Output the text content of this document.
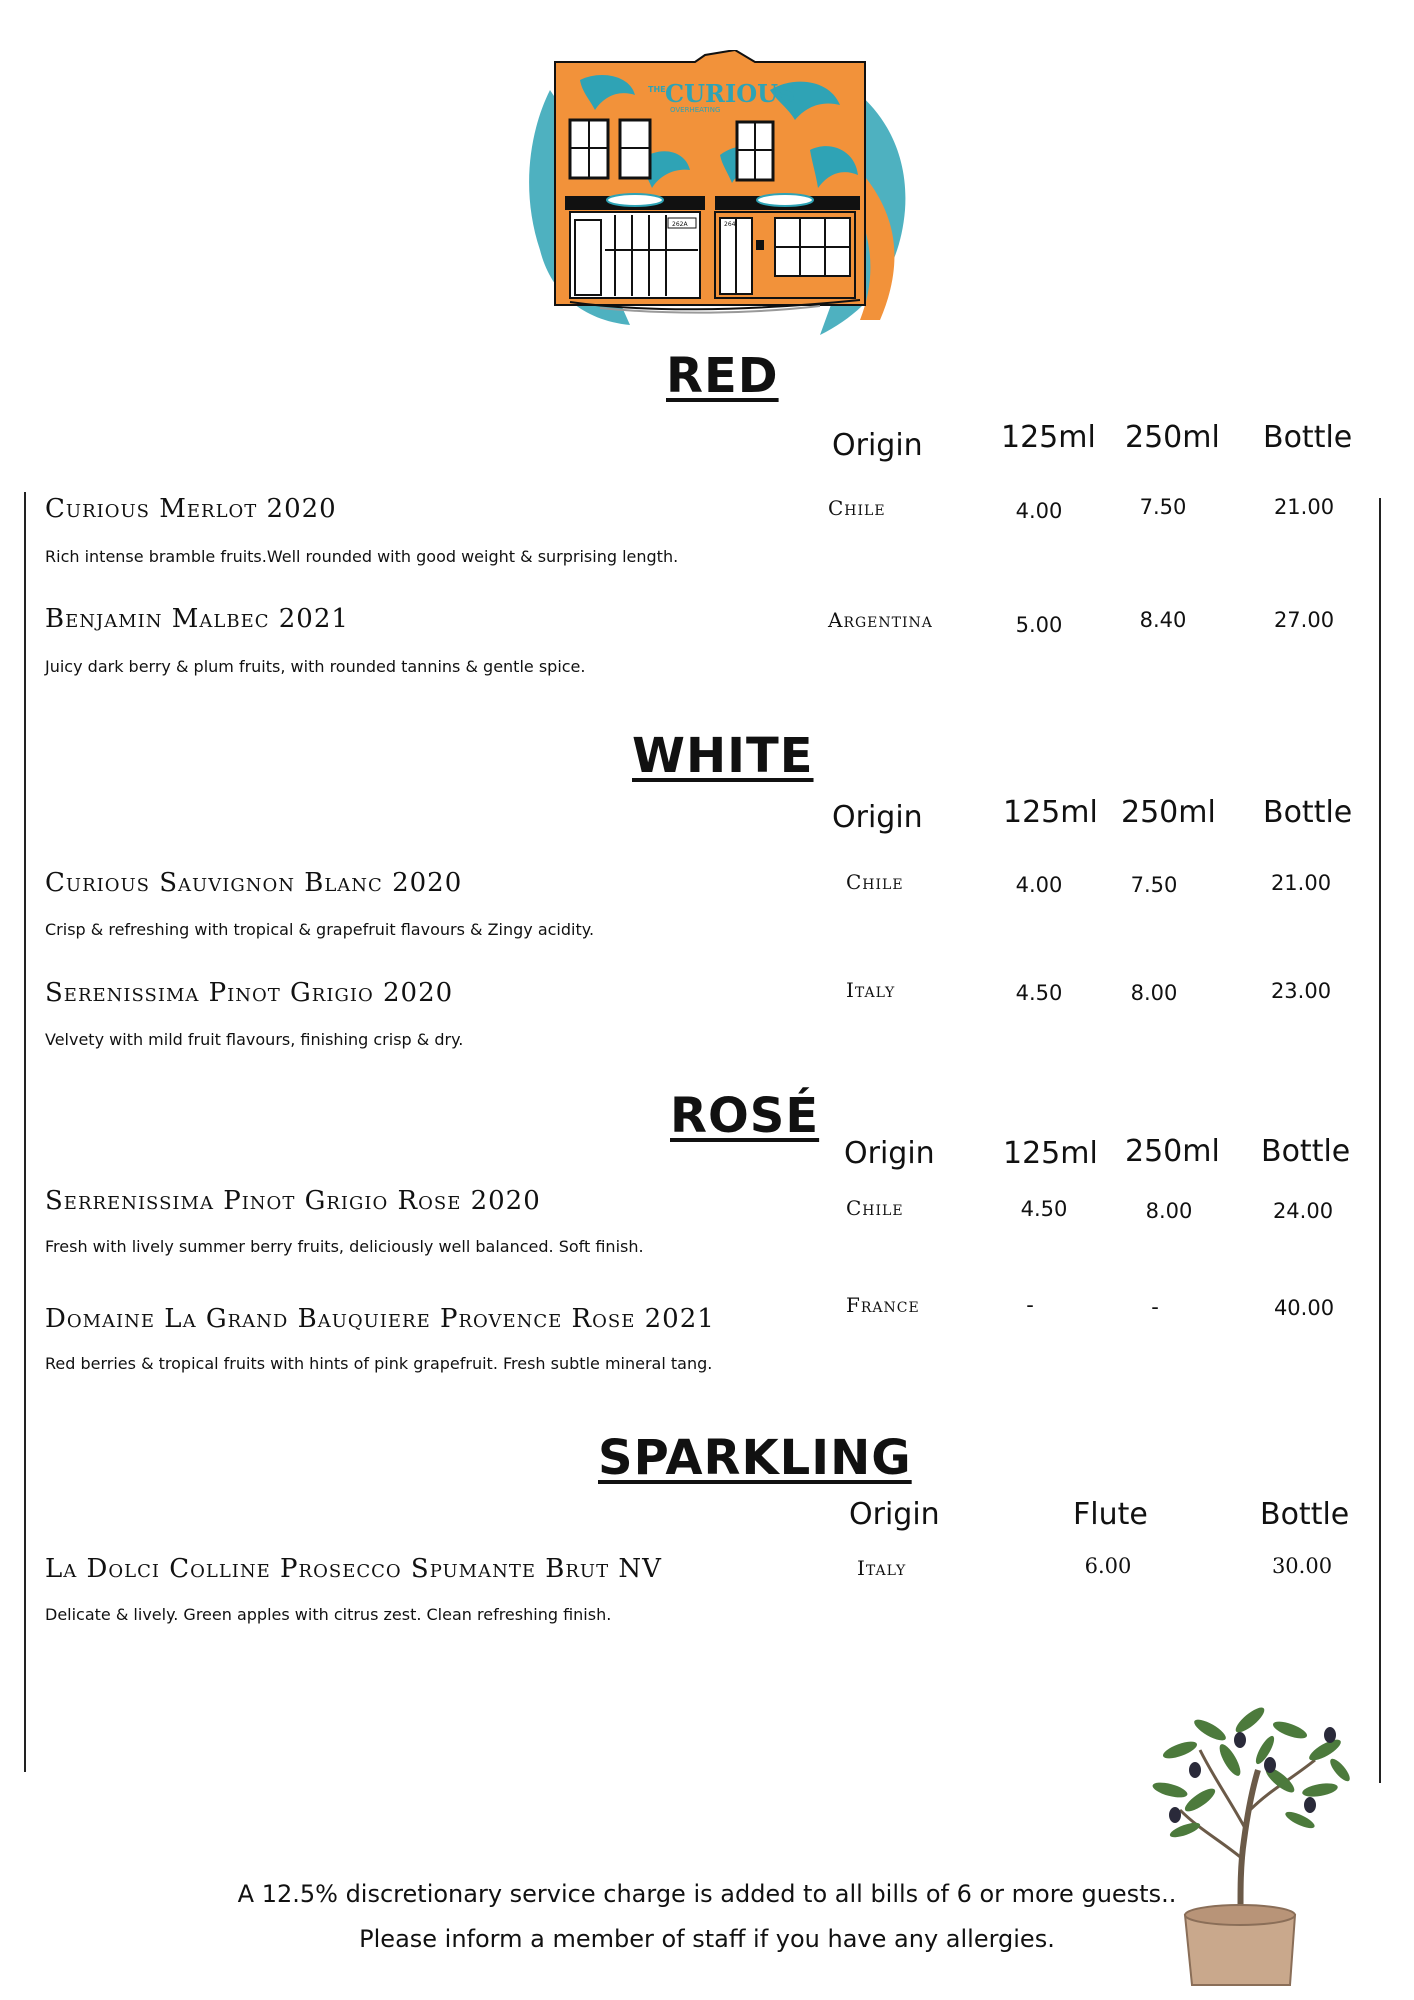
THE CURIOUS
OVERHEATING
262A	264
RED
Origin	125ml 250ml Bottle
Curious Merlot 2020
Rich intense bramble fruits.Well rounded with good weight & surprising length.
Chile	4.00	7.50	21.00
Benjamin Malbec 2021
Juicy dark berry & plum fruits, with rounded tannins & gentle spice.
Argentina	5.00	8.40	27.00
WHITE
Origin	125ml 250ml Bottle
Curious Sauvignon Blanc 2020
Crisp & refreshing with tropical & grapefruit flavours & Zingy acidity.
Chile	4.00	7.50	21.00
Serenissima Pinot Grigio 2020
Velvety with mild fruit flavours, finishing crisp & dry.
Italy	4.50	8.00	23.00
ROSÉ
Origin 125ml 250ml Bottle
Serrenissima Pinot Grigio Rose 2020
Fresh with lively summer berry fruits, deliciously well balanced. Soft finish.
Chile	4.50	8.00	24.00
Domaine La Grand Bauquiere Provence Rose 2021
Red berries & tropical fruits with hints of pink grapefruit. Fresh subtle mineral tang.
France	-	-	40.00
SPARKLING
Origin	Flute	Bottle
La Dolci Colline Prosecco Spumante Brut NV
Delicate & lively. Green apples with citrus zest. Clean refreshing finish.
Italy	6.00	30.00
A 12.5% discretionary service charge is added to all bills of 6 or more guests..
Please inform a member of staff if you have any allergies.
